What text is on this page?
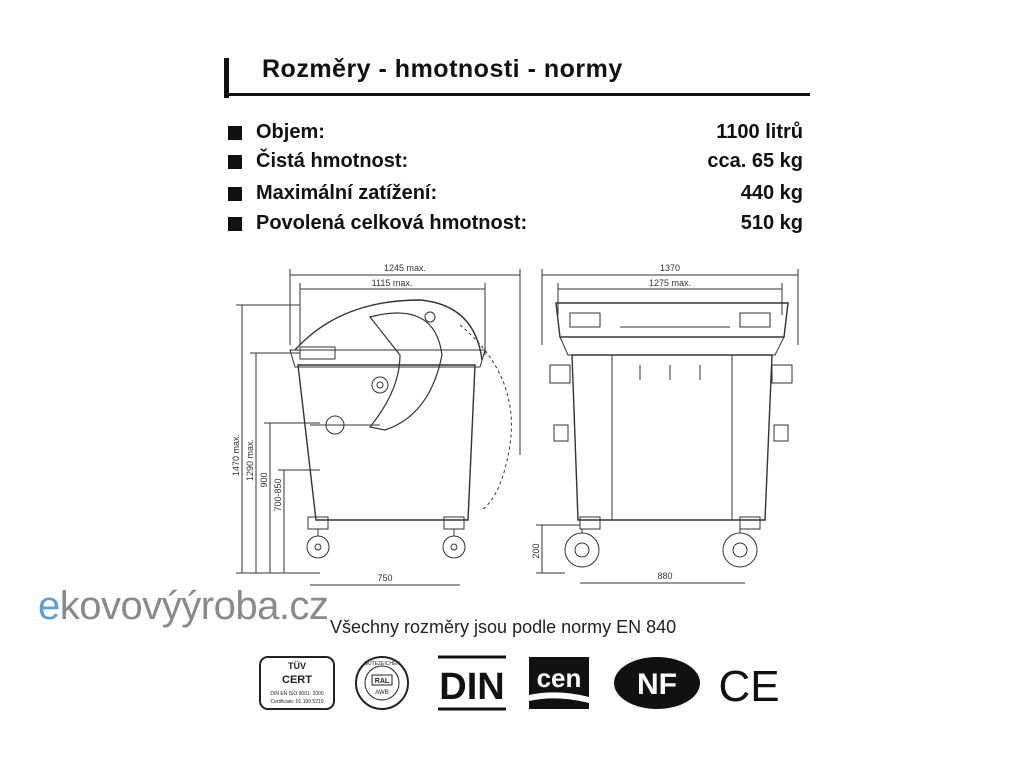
Rozměry - hmotnosti - normy
Objem:	1100 litrů
Čistá hmotnost:	cca. 65 kg
Maximální zatížení:	440 kg
Povolená celková hmotnost:	510 kg
1245 max.
1115 max.
1470 max. 1290 max. 900 700-850
750
1370
1275 max.
200
880
ekovovýýroba.cz Všechny rozměry jsou podle normy EN 840
TÜV
CERT
DIN EN ISO 9001: 2000
Certificate: 01 100 5210
GÜTEZEICHEN
RAL
AWB DIN cen NF CE
